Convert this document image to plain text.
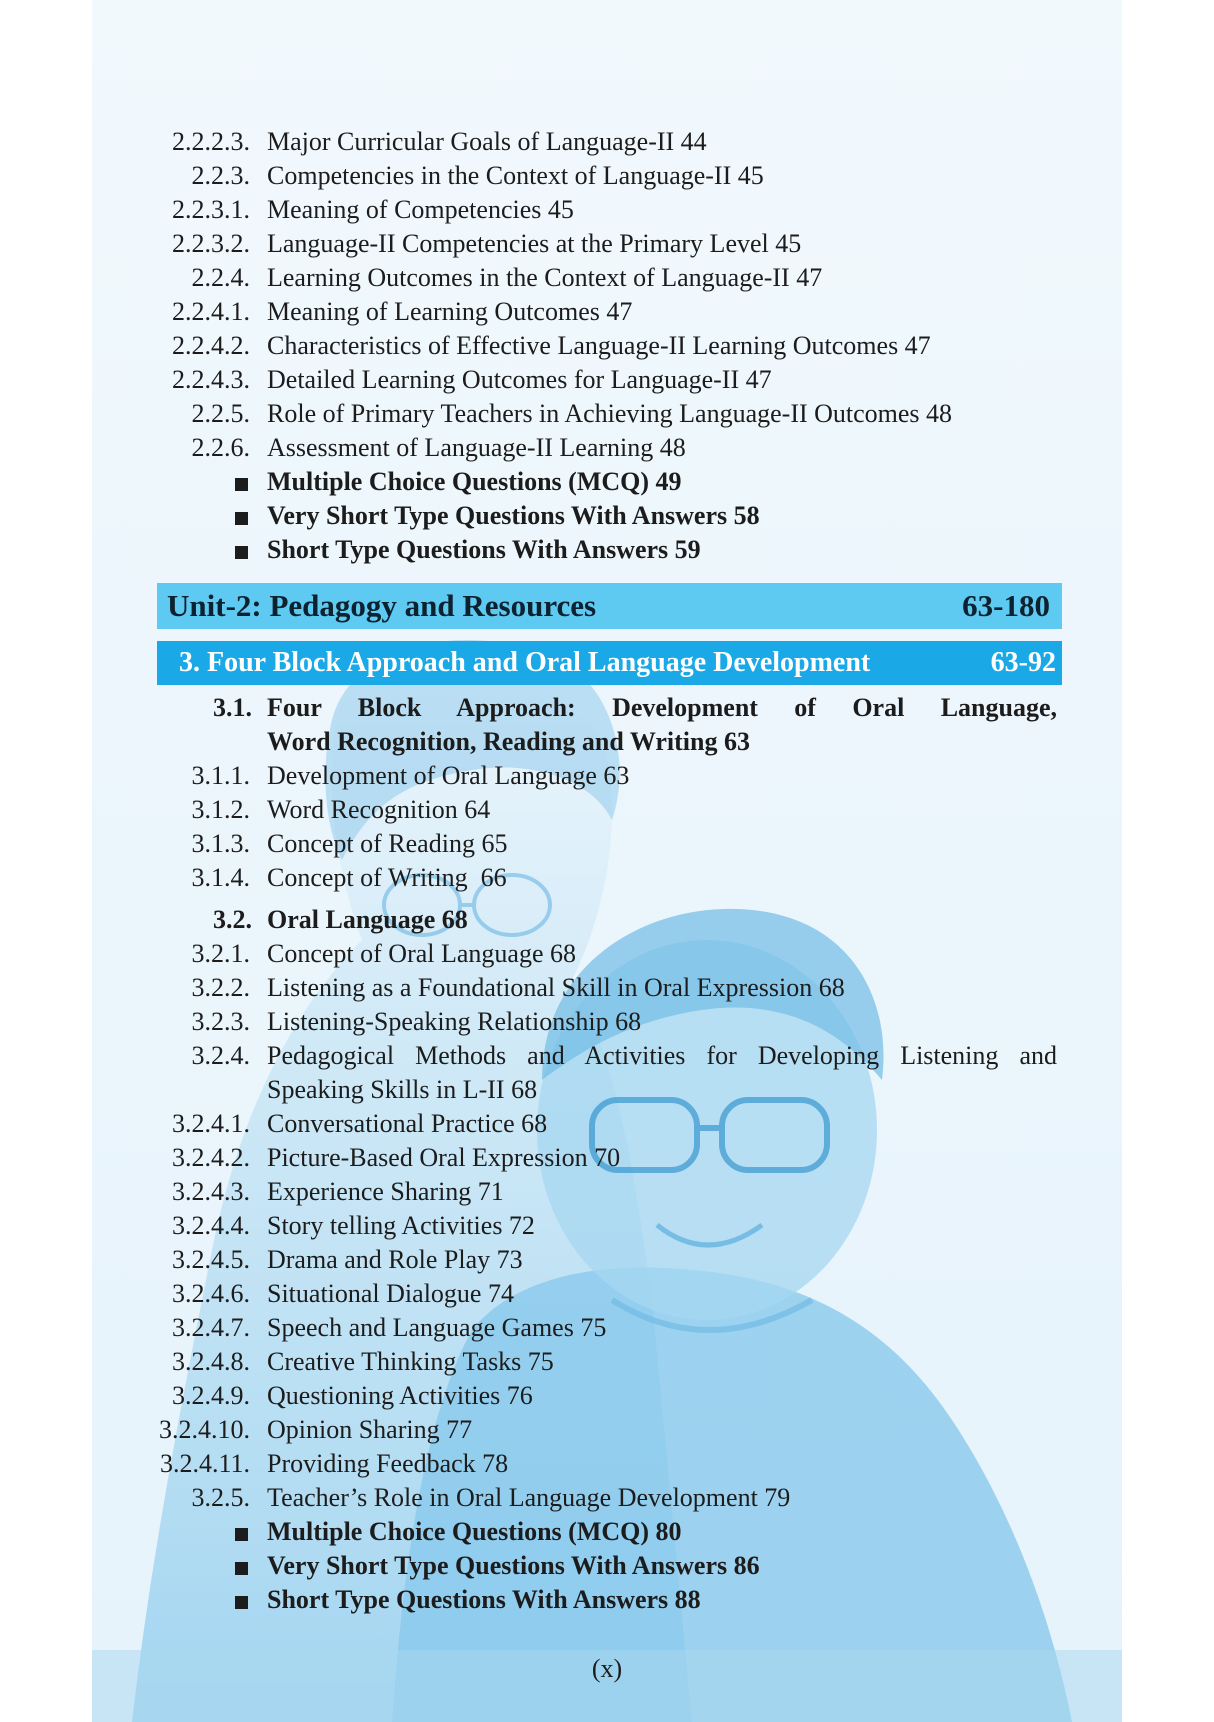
2.2.2.3. Major Curricular Goals of Language-II 44
2.2.3. Competencies in the Context of Language-II 45
2.2.3.1. Meaning of Competencies 45
2.2.3.2. Language-II Competencies at the Primary Level 45
2.2.4. Learning Outcomes in the Context of Language-II 47
2.2.4.1. Meaning of Learning Outcomes 47
2.2.4.2. Characteristics of Effective Language-II Learning Outcomes 47
2.2.4.3. Detailed Learning Outcomes for Language-II 47
2.2.5. Role of Primary Teachers in Achieving Language-II Outcomes 48
2.2.6. Assessment of Language-II Learning 48
Multiple Choice Questions (MCQ) 49
Very Short Type Questions With Answers 58
Short Type Questions With Answers 59
Unit-2: Pedagogy and Resources	63-180
3. Four Block Approach and Oral Language Development	63-92
3.1. Four Block Approach: Development of Oral Language,
Word Recognition, Reading and Writing 63
3.1.1. Development of Oral Language 63
3.1.2. Word Recognition 64
3.1.3. Concept of Reading 65
3.1.4. Concept of Writing  66
3.2. Oral Language 68
3.2.1. Concept of Oral Language 68
3.2.2. Listening as a Foundational Skill in Oral Expression 68
3.2.3. Listening-Speaking Relationship 68
3.2.4. Pedagogical Methods and Activities for Developing Listening and
Speaking Skills in L-II 68
3.2.4.1. Conversational Practice 68
3.2.4.2. Picture-Based Oral Expression 70
3.2.4.3. Experience Sharing 71
3.2.4.4. Story telling Activities 72
3.2.4.5. Drama and Role Play 73
3.2.4.6. Situational Dialogue 74
3.2.4.7. Speech and Language Games 75
3.2.4.8. Creative Thinking Tasks 75
3.2.4.9. Questioning Activities 76
3.2.4.10. Opinion Sharing 77
3.2.4.11. Providing Feedback 78
3.2.5. Teacher’s Role in Oral Language Development 79
Multiple Choice Questions (MCQ) 80
Very Short Type Questions With Answers 86
Short Type Questions With Answers 88
(x)
